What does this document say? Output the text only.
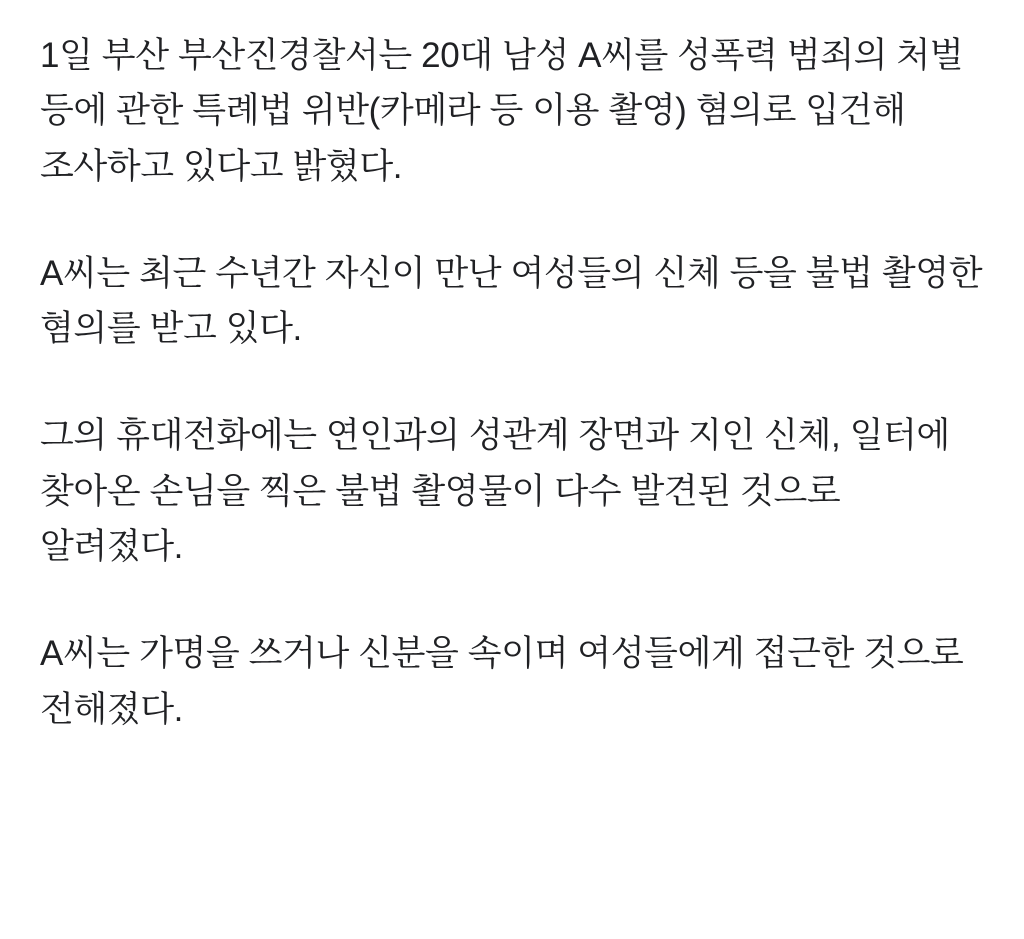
1일 부산 부산진경찰서는 20대 남성 A씨를 성폭력 범죄의 처벌 등에 관한 특례법 위반(카메라 등 이용 촬영) 혐의로 입건해 조사하고 있다고 밝혔다.

A씨는 최근 수년간 자신이 만난 여성들의 신체 등을 불법 촬영한 혐의를 받고 있다.

그의 휴대전화에는 연인과의 성관계 장면과 지인 신체, 일터에 찾아온 손님을 찍은 불법 촬영물이 다수 발견된 것으로 알려졌다.

A씨는 가명을 쓰거나 신분을 속이며 여성들에게 접근한 것으로 전해졌다.
